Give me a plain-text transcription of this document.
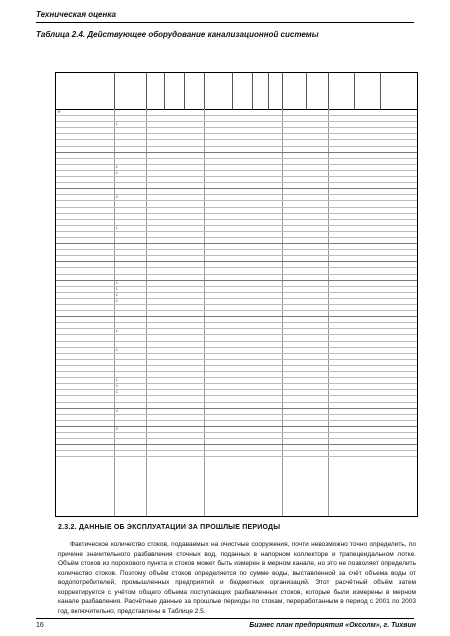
Техническая оценка
Таблица 2.4. Действующее оборудование канализационной системы
Н
1
1
1
2
1
1
1
1
1
1
1
1
1
1
2
2
2.3.2. ДАННЫЕ ОБ ЭКСПЛУАТАЦИИ ЗА ПРОШЛЫЕ ПЕРИОДЫ
Фактическое количество стоков, подаваемых на очистные сооружения, почти невозможно точно определить, по причине значительного разбавления сточных вод, поданных в напорном коллекторе и трапецеидальном лотке. Объём стоков из порохового пункта и стоков может быть измерен в мерном канале, но это не позволяет определить количество стоков. Поэтому объём стоков определяется по сумме воды, выставленной за счёт объема воды от водопотребителей, промышленных предприятий и бюджетных организаций. Этот расчётный объём затем корректируется с учётом общего объема поступающих разбавленных стоков, которые были измерены в мерном канале разбавления. Расчётные данные за прошлые периоды по стокам, переработанным в период с 2001 по 2003 год, включительно, представлены в Таблице 2.5.
16	Бизнес план предприятия «Оксолм», г. Тихвин
